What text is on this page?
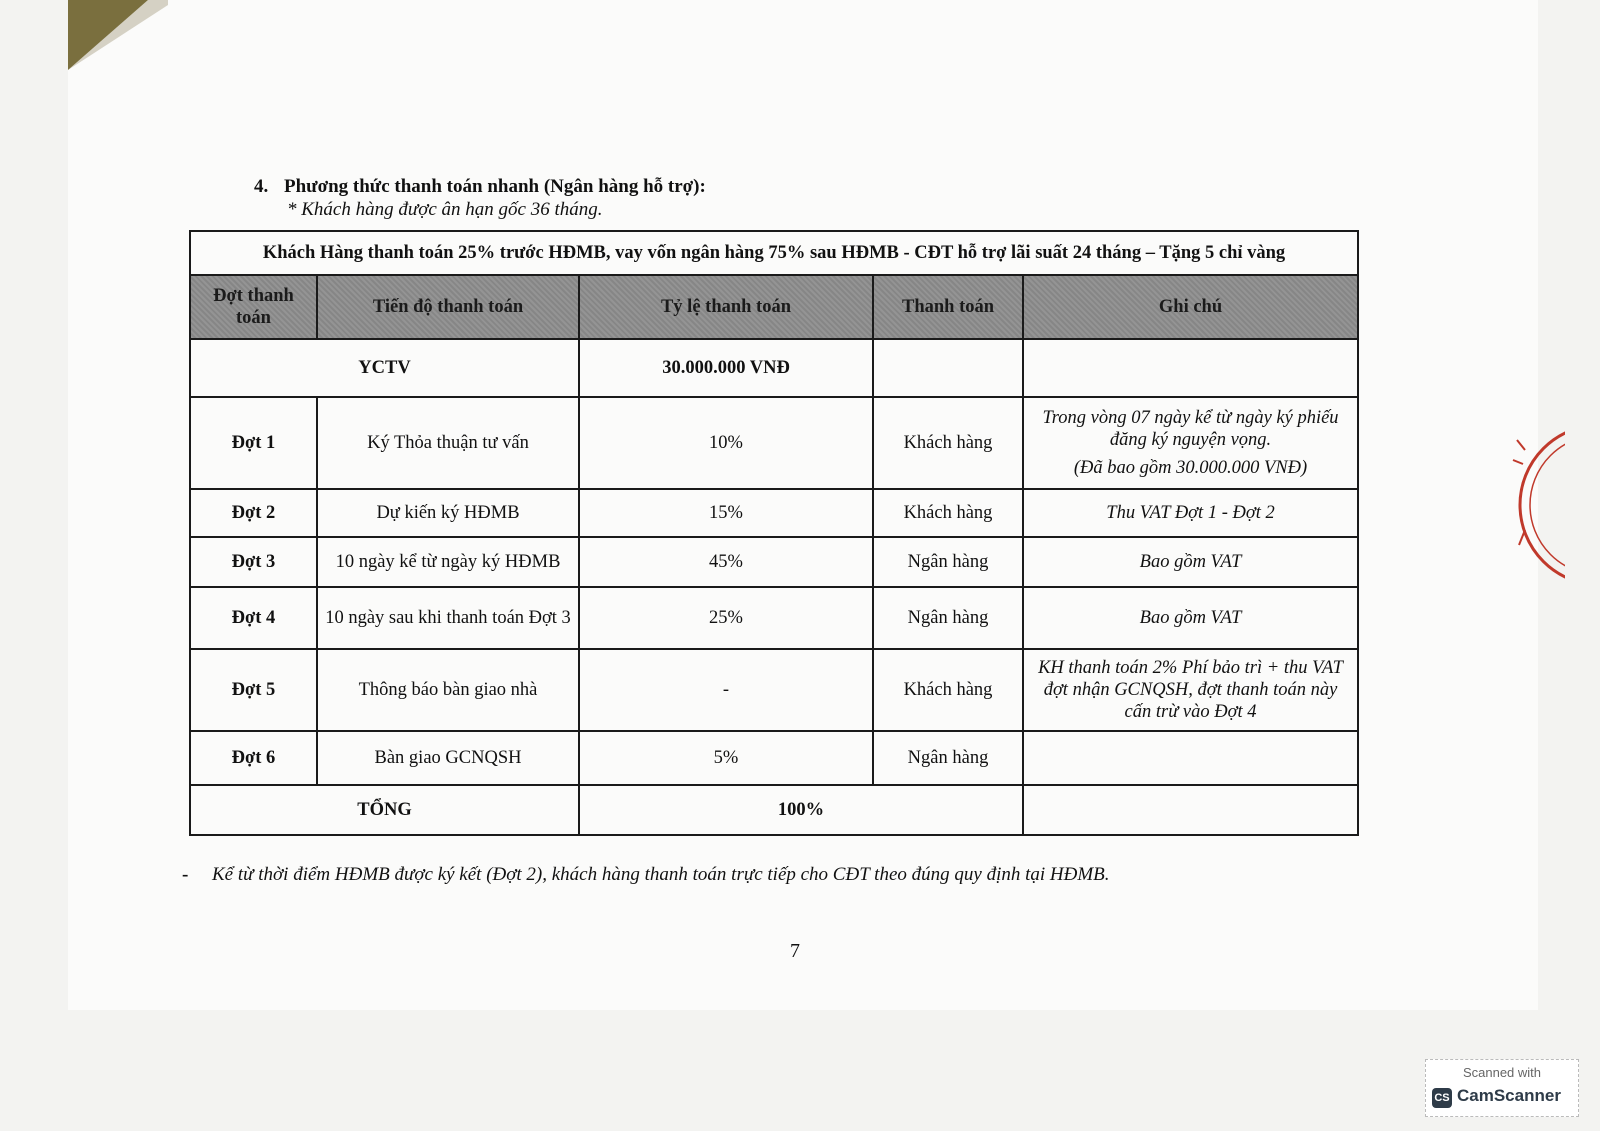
4. Phương thức thanh toán nhanh (Ngân hàng hỗ trợ):
* Khách hàng được ân hạn gốc 36 tháng.
Khách Hàng thanh toán 25% trước HĐMB, vay vốn ngân hàng 75% sau HĐMB - CĐT hỗ trợ lãi suất 24 tháng – Tặng 5 chỉ vàng				
Đợt thanh toán	Tiến độ thanh toán	Tỷ lệ thanh toán	Thanh toán	Ghi chú
YCTV		30.000.000 VNĐ		
Đợt 1	Ký Thỏa thuận tư vấn	10%	Khách hàng	Trong vòng 07 ngày kể từ ngày ký phiếu đăng ký nguyện vọng.
(Đã bao gồm 30.000.000 VNĐ)

Đợt 2	Dự kiến ký HĐMB	15%	Khách hàng	Thu VAT Đợt 1 - Đợt 2
Đợt 3	10 ngày kể từ ngày ký HĐMB	45%	Ngân hàng	Bao gồm VAT
Đợt 4	10 ngày sau khi thanh toán Đợt 3	25%	Ngân hàng	Bao gồm VAT
Đợt 5	Thông báo bàn giao nhà	-	Khách hàng	KH thanh toán 2% Phí bảo trì + thu VAT đợt nhận GCNQSH, đợt thanh toán này cấn trừ vào Đợt 4
Đợt 6	Bàn giao GCNQSH	5%	Ngân hàng	
TỔNG		100%		
- Kể từ thời điểm HĐMB được ký kết (Đợt 2), khách hàng thanh toán trực tiếp cho CĐT theo đúng quy định tại HĐMB.
7
Scanned with
CS CamScanner
